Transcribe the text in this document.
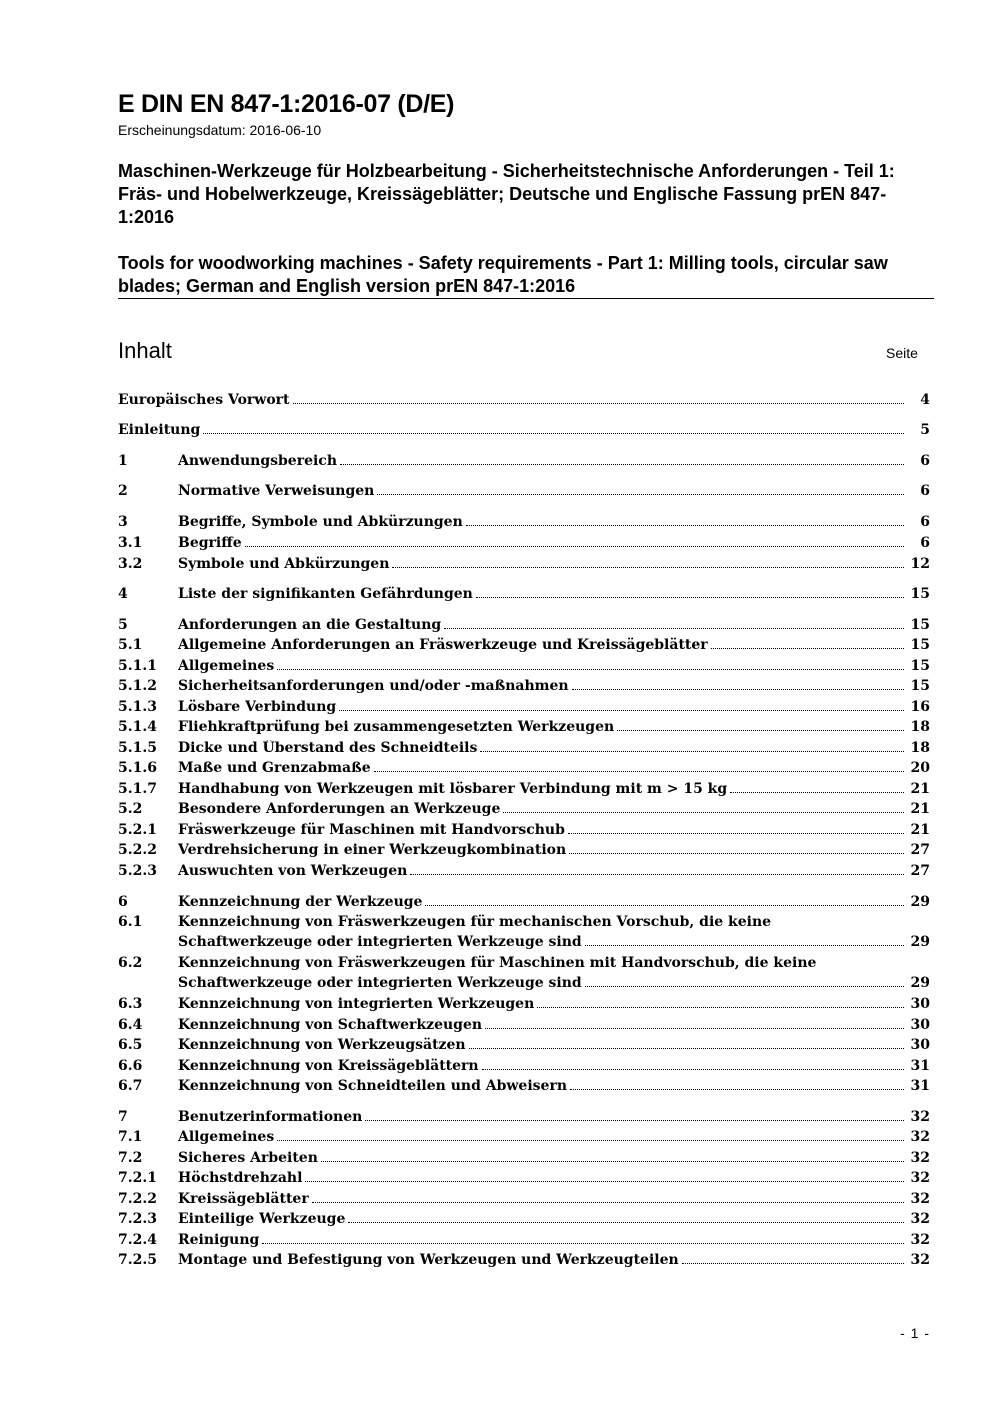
E DIN EN 847-1:2016-07 (D/E)
Erscheinungsdatum: 2016-06-10
Maschinen-Werkzeuge für Holzbearbeitung - Sicherheitstechnische Anforderungen - Teil 1: Fräs- und Hobelwerkzeuge, Kreissägeblätter; Deutsche und Englische Fassung prEN 847-1:2016
Tools for woodworking machines - Safety requirements - Part 1: Milling tools, circular saw blades; German and English version prEN 847-1:2016
Inhalt	Seite
Europäisches Vorwort	4
Einleitung	5
1	Anwendungsbereich	6
2	Normative Verweisungen	6
3	Begriffe, Symbole und Abkürzungen	6
3.1	Begriffe	6
3.2	Symbole und Abkürzungen	12
4	Liste der signifikanten Gefährdungen	15
5	Anforderungen an die Gestaltung	15
5.1	Allgemeine Anforderungen an Fräswerkzeuge und Kreissägeblätter	15
5.1.1 Allgemeines	15
5.1.2 Sicherheitsanforderungen und/oder -maßnahmen	15
5.1.3 Lösbare Verbindung	16
5.1.4 Fliehkraftprüfung bei zusammengesetzten Werkzeugen	18
5.1.5 Dicke und Überstand des Schneidteils	18
5.1.6 Maße und Grenzabmaße	20
5.1.7 Handhabung von Werkzeugen mit lösbarer Verbindung mit m > 15 kg	21
5.2	Besondere Anforderungen an Werkzeuge	21
5.2.1 Fräswerkzeuge für Maschinen mit Handvorschub	21
5.2.2 Verdrehsicherung in einer Werkzeugkombination	27
5.2.3 Auswuchten von Werkzeugen	27
6	Kennzeichnung der Werkzeuge	29
6.1	Kennzeichnung von Fräswerkzeugen für mechanischen Vorschub, die keine
Schaftwerkzeuge oder integrierten Werkzeuge sind	29
6.2	Kennzeichnung von Fräswerkzeugen für Maschinen mit Handvorschub, die keine
Schaftwerkzeuge oder integrierten Werkzeuge sind	29
6.3	Kennzeichnung von integrierten Werkzeugen	30
6.4	Kennzeichnung von Schaftwerkzeugen	30
6.5	Kennzeichnung von Werkzeugsätzen	30
6.6	Kennzeichnung von Kreissägeblättern	31
6.7	Kennzeichnung von Schneidteilen und Abweisern	31
7	Benutzerinformationen	32
7.1	Allgemeines	32
7.2	Sicheres Arbeiten	32
7.2.1 Höchstdrehzahl	32
7.2.2 Kreissägeblätter	32
7.2.3 Einteilige Werkzeuge	32
7.2.4 Reinigung	32
7.2.5 Montage und Befestigung von Werkzeugen und Werkzeugteilen	32
- 1 -
